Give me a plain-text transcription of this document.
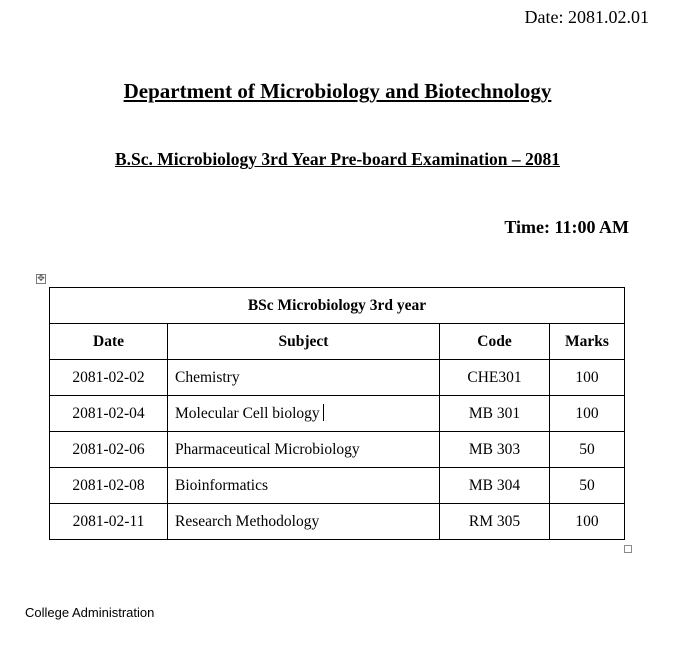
Date: 2081.02.01
Department of Microbiology and Biotechnology
B.Sc. Microbiology 3rd Year Pre-board Examination – 2081
Time: 11:00 AM
✥
BSc Microbiology 3rd year			
Date	Subject	Code	Marks
2081-02-02	Chemistry	CHE301	100
2081-02-04	Molecular Cell biology	MB 301	100
2081-02-06	Pharmaceutical Microbiology	MB 303	50
2081-02-08	Bioinformatics	MB 304	50
2081-02-11	Research Methodology	RM 305	100
College Administration
